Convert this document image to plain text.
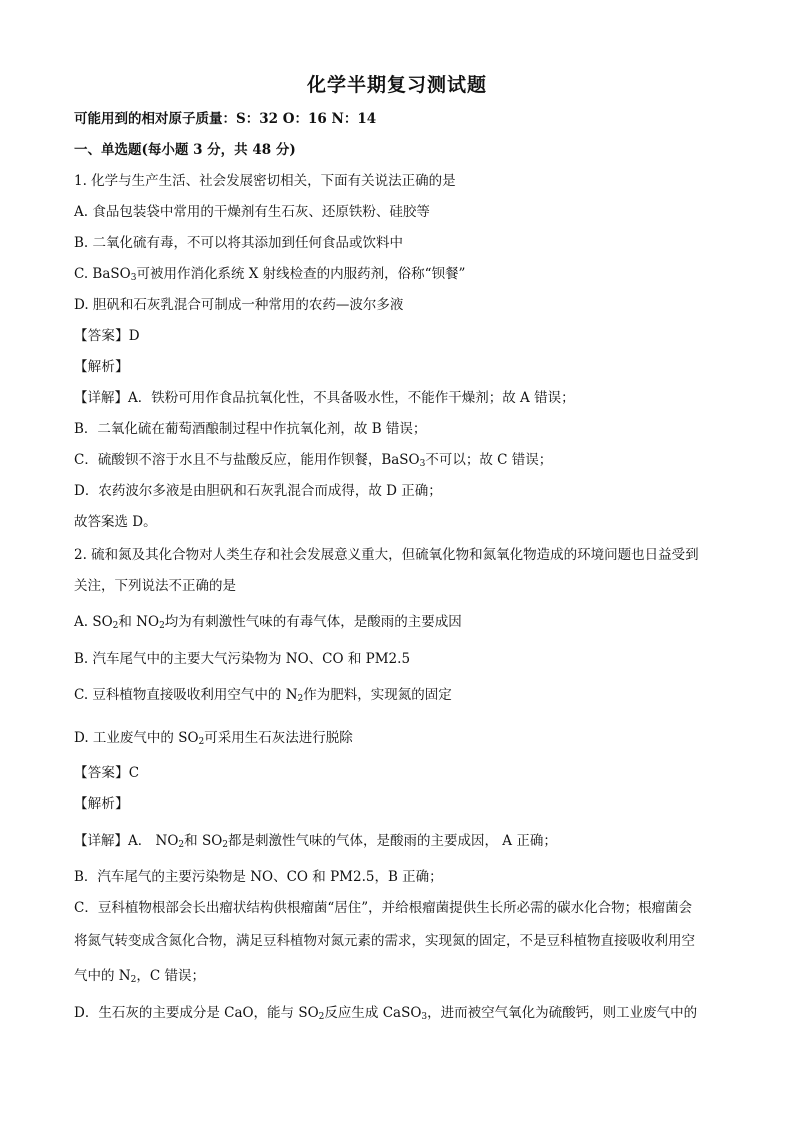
化学半期复习测试题
可能用到的相对原子质量：S：32 O：16 N：14
一、单选题(每小题 3 分，共 48 分)
1. 化学与生产生活、社会发展密切相关，下面有关说法正确的是
A. 食品包装袋中常用的干燥剂有生石灰、还原铁粉、硅胶等
B. 二氧化硫有毒，不可以将其添加到任何食品或饮料中
C. BaSO$_3$可被用作消化系统 X 射线检查的内服药剂，俗称“钡餐”
D. 胆矾和石灰乳混合可制成一种常用的农药—波尔多液
【答案】D
【解析】
【详解】A．铁粉可用作食品抗氧化性，不具备吸水性，不能作干燥剂；故 A 错误；
B．二氧化硫在葡萄酒酿制过程中作抗氧化剂，故 B 错误；
C．硫酸钡不溶于水且不与盐酸反应，能用作钡餐，BaSO$_3$不可以；故 C 错误；
D．农药波尔多液是由胆矾和石灰乳混合而成得，故 D 正确；
故答案选 D。
2. 硫和氮及其化合物对人类生存和社会发展意义重大，但硫氧化物和氮氧化物造成的环境问题也日益受到
关注，下列说法不正确的是
A. $SO_2$和 $NO_2$均为有刺激性气味的有毒气体，是酸雨的主要成因
B. 汽车尾气中的主要大气污染物为 NO、CO 和 PM2.5
C. 豆科植物直接吸收利用空气中的 $N_2$作为肥料，实现氮的固定
D. 工业废气中的 $SO_2$可采用生石灰法进行脱除
【答案】C
【解析】
【详解】A． $NO_2$和 $SO_2$都是刺激性气味的气体，是酸雨的主要成因， A 正确；
B．汽车尾气的主要污染物是 NO、CO 和 PM2.5，B 正确；
C．豆科植物根部会长出瘤状结构供根瘤菌“居住”，并给根瘤菌提供生长所必需的碳水化合物；根瘤菌会
将氮气转变成含氮化合物，满足豆科植物对氮元素的需求，实现氮的固定，不是豆科植物直接吸收利用空
气中的 $N_2$，C 错误；
D．生石灰的主要成分是 CaO，能与 $SO_2$反应生成 CaSO$_3$，进而被空气氧化为硫酸钙，则工业废气中的
